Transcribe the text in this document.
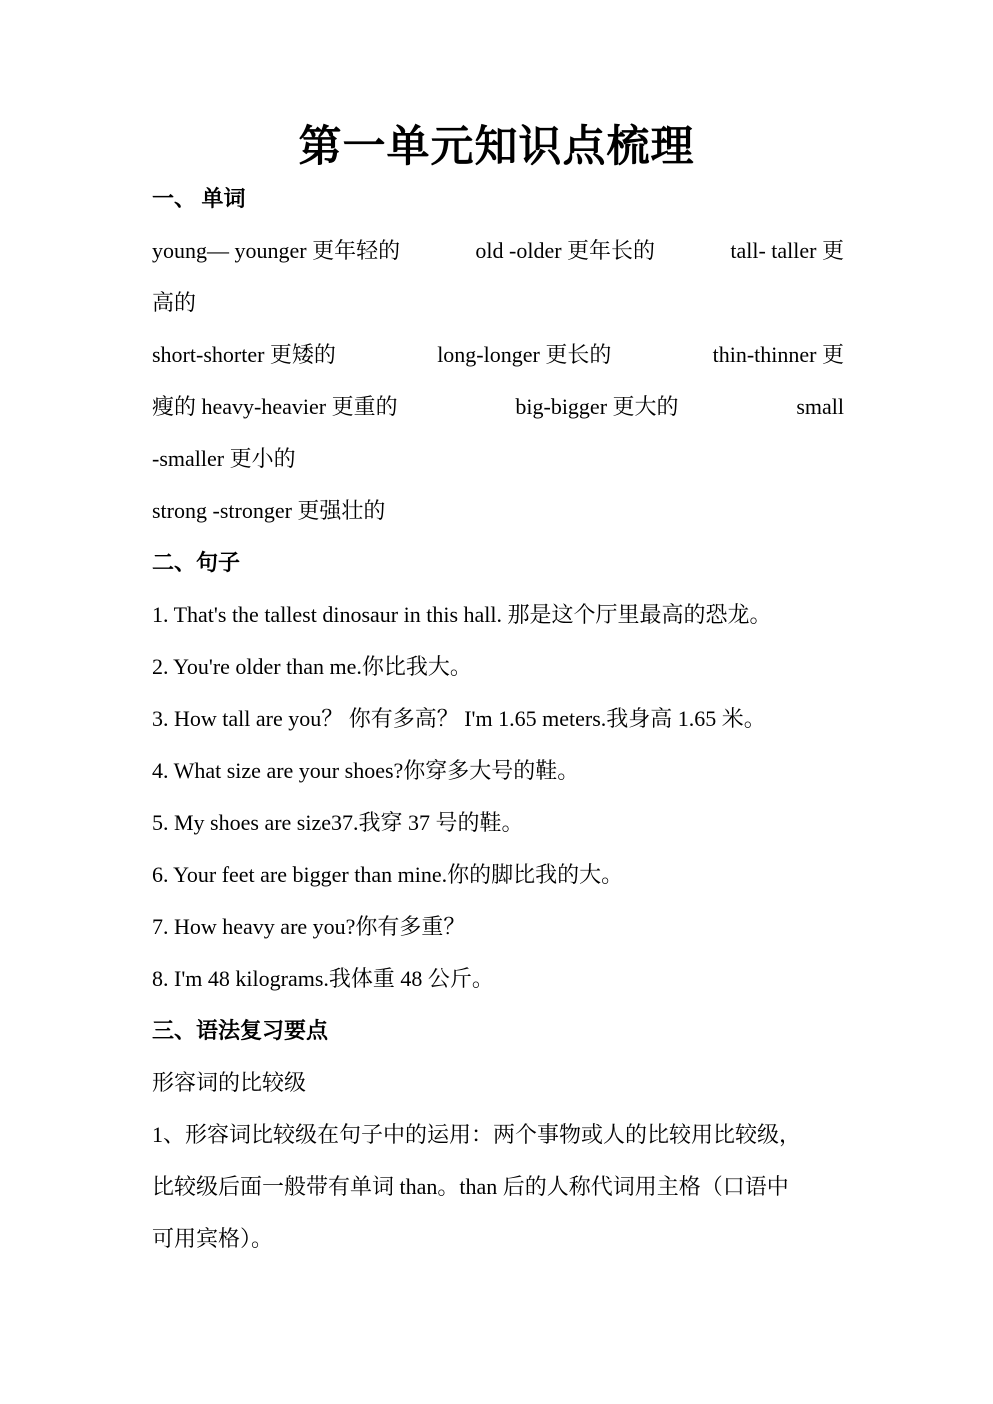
第一单元知识点梳理
一、 单词
young— younger 更年轻的	old -older 更年长的	tall- taller 更
高的
short-shorter 更矮的	long-longer 更长的	thin-thinner 更
瘦的 heavy-heavier 更重的	big-bigger 更大的	small
-smaller 更小的
strong -stronger 更强壮的
二、句子
1. That's the tallest dinosaur in this hall. 那是这个厅里最高的恐龙。
2. You're older than me.你比我大。
3. How tall are you？ 你有多高？ I'm 1.65 meters.我身高 1.65 米。
4. What size are your shoes?你穿多大号的鞋。
5. My shoes are size37.我穿 37 号的鞋。
6. Your feet are bigger than mine.你的脚比我的大。
7. How heavy are you?你有多重？
8. I'm 48 kilograms.我体重 48 公斤。
三、语法复习要点
形容词的比较级
1、形容词比较级在句子中的运用：两个事物或人的比较用比较级，
比较级后面一般带有单词 than。than 后的人称代词用主格（口语中
可用宾格）。
